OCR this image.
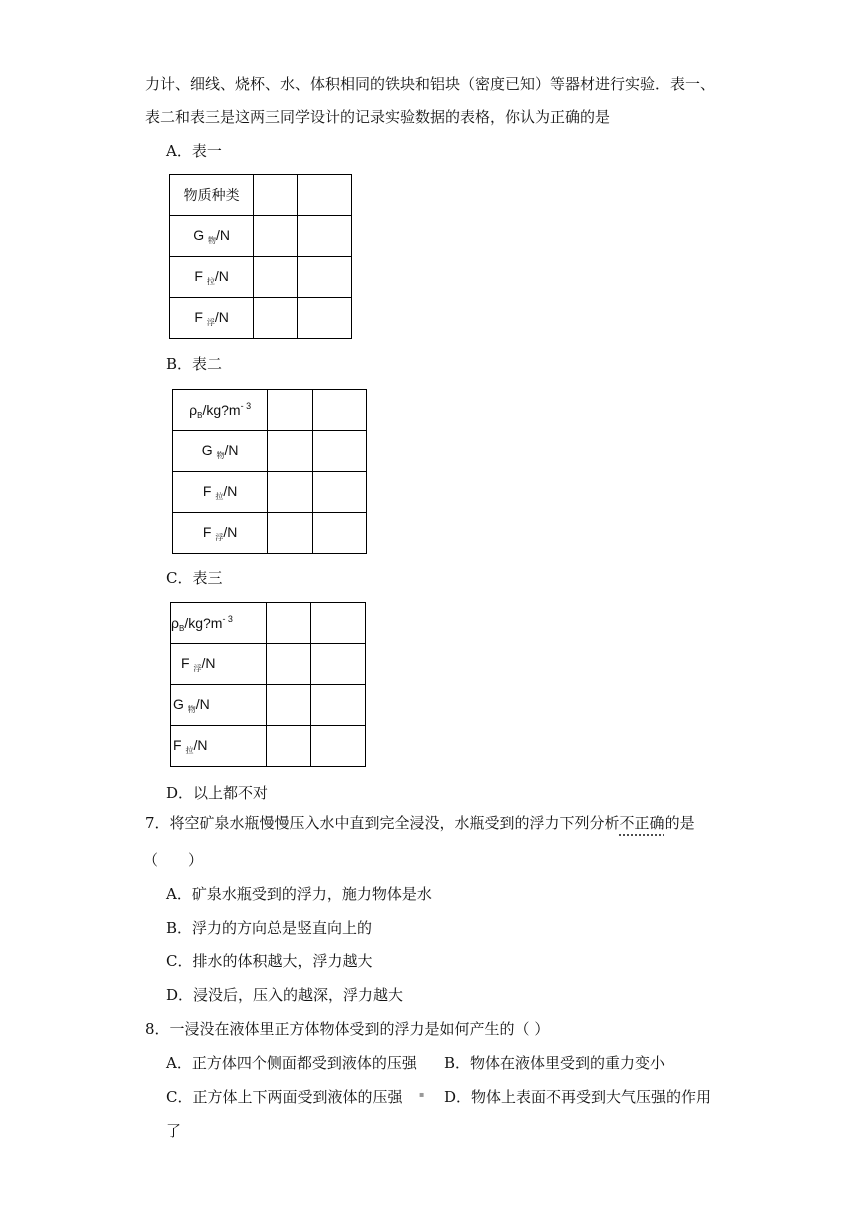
力计、细线、烧杯、水、体积相同的铁块和铝块（密度已知）等器材进行实验．表一、
表二和表三是这两三同学设计的记录实验数据的表格，你认为正确的是
A．表一
物质种类		
G $_物$/N		
F $_拉$/N		
F $_浮$/N		
B．表二
$\rho_B/kg?m^{- 3}$		
G $_物$/N		
F $_拉$/N		
F $_浮$/N		
C．表三
$\rho_B/kg?m^{- 3}$		
F $_浮$/N		
G $_物$/N		
F $_拉$/N		
D．以上都不对
7．将空矿泉水瓶慢慢压入水中直到完全浸没，水瓶受到的浮力下列分析不正确的是
（　　）
A．矿泉水瓶受到的浮力，施力物体是水
B．浮力的方向总是竖直向上的
C．排水的体积越大，浮力越大
D．浸没后，压入的越深，浮力越大
8．一浸没在液体里正方体物体受到的浮力是如何产生的（ ）
A．正方体四个侧面都受到液体的压强 B．物体在液体里受到的重力变小
C．正方体上下两面受到液体的压强 ▪ D．物体上表面不再受到大气压强的作用
了
